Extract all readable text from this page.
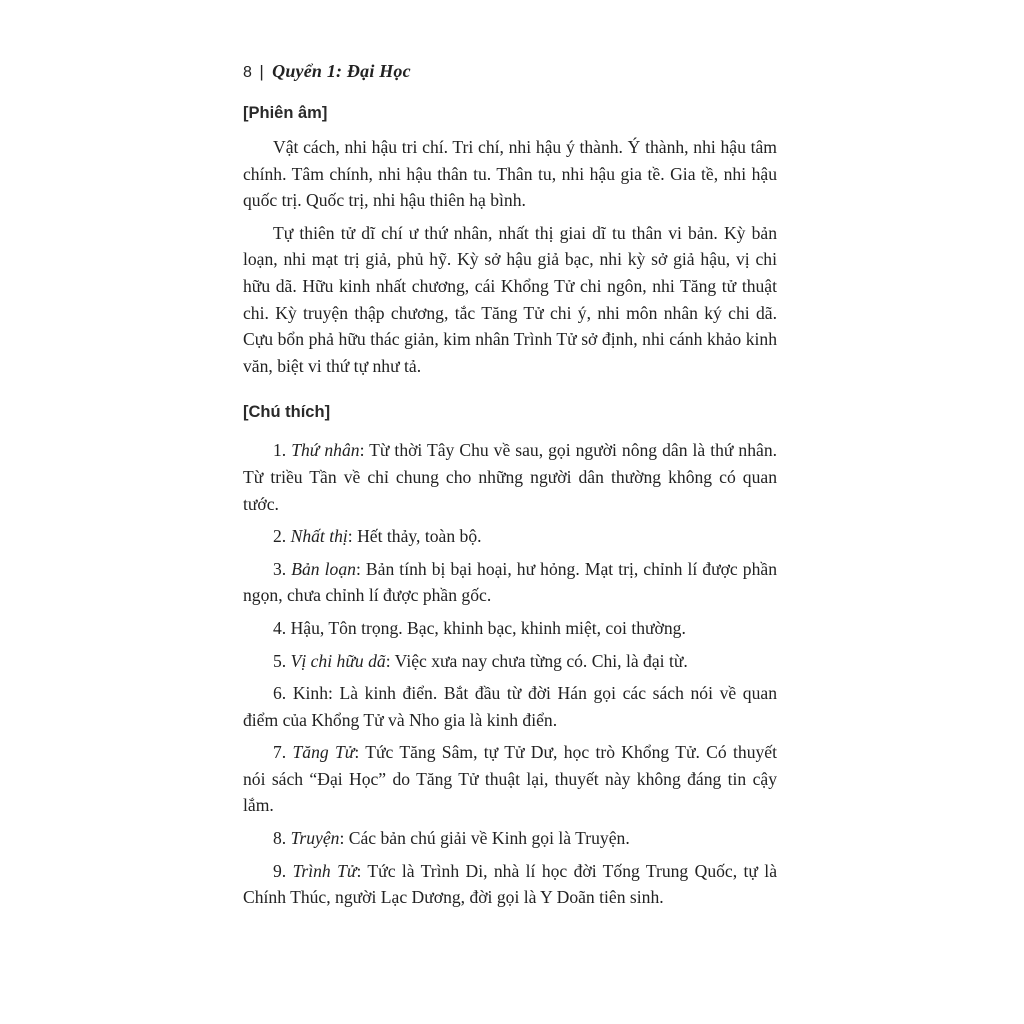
8 | Quyển 1: Đại Học
[Phiên âm]

Vật cách, nhi hậu tri chí. Tri chí, nhi hậu ý thành. Ý thành, nhi hậu tâm chính. Tâm chính, nhi hậu thân tu. Thân tu, nhi hậu gia tề. Gia tề, nhi hậu quốc trị. Quốc trị, nhi hậu thiên hạ bình.

Tự thiên tử dĩ chí ư thứ nhân, nhất thị giai dĩ tu thân vi bản. Kỳ bản loạn, nhi mạt trị giả, phủ hỹ. Kỳ sở hậu giả bạc, nhi kỳ sở giả hậu, vị chi hữu dã. Hữu kinh nhất chương, cái Khổng Tử chi ngôn, nhi Tăng tử thuật chi. Kỳ truyện thập chương, tắc Tăng Tử chi ý, nhi môn nhân ký chi dã. Cựu bổn phả hữu thác giản, kim nhân Trình Tử sở định, nhi cánh khảo kinh văn, biệt vi thứ tự như tả.

[Chú thích]

1. Thứ nhân: Từ thời Tây Chu về sau, gọi người nông dân là thứ nhân. Từ triều Tần về chỉ chung cho những người dân thường không có quan tước.

2. Nhất thị: Hết thảy, toàn bộ.

3. Bản loạn: Bản tính bị bại hoại, hư hỏng. Mạt trị, chỉnh lí được phần ngọn, chưa chỉnh lí được phần gốc.

4. Hậu, Tôn trọng. Bạc, khinh bạc, khinh miệt, coi thường.

5. Vị chi hữu dã: Việc xưa nay chưa từng có. Chi, là đại từ.

6. Kinh: Là kinh điển. Bắt đầu từ đời Hán gọi các sách nói về quan điểm của Khổng Tử và Nho gia là kinh điển.

7. Tăng Tử: Tức Tăng Sâm, tự Tử Dư, học trò Khổng Tử. Có thuyết nói sách “Đại Học” do Tăng Tử thuật lại, thuyết này không đáng tin cậy lắm.

8. Truyện: Các bản chú giải về Kinh gọi là Truyện.

9. Trình Tử: Tức là Trình Di, nhà lí học đời Tống Trung Quốc, tự là Chính Thúc, người Lạc Dương, đời gọi là Y Doãn tiên sinh.
